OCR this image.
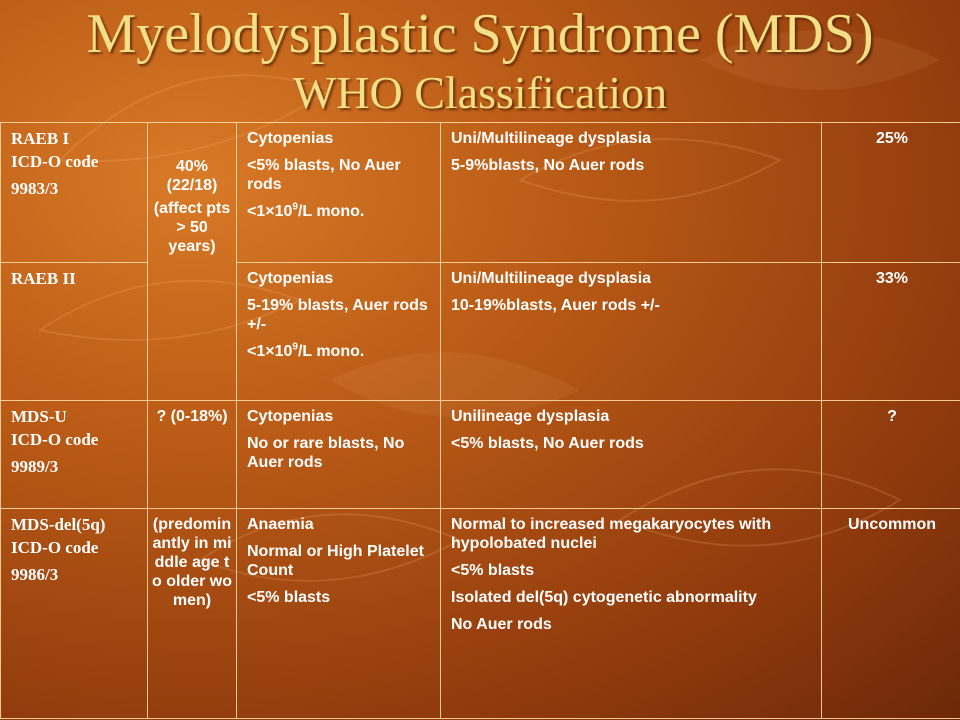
Myelodysplastic Syndrome (MDS)
WHO Classification
RAEB I
ICD-O code
9983/3	40% (22/18)
(affect pts > 50 years)	Cytopenias
<5% blasts, No Auer rods
$<1\times 10^9/L$ mono.	Uni/Multilineage dysplasia
5-9%blasts, No Auer rods	25%

RAEB II		Cytopenias
5-19% blasts, Auer rods +/-
$<1\times 10^9/L$ mono.	Uni/Multilineage dysplasia
10-19%blasts, Auer rods +/-	33%

MDS-U
ICD-O code
9989/3	? (0-18%)	Cytopenias
No or rare blasts, No Auer rods	Unilineage dysplasia
<5% blasts, No Auer rods	?

MDS-del(5q)
ICD-O code
9986/3	(predominantly in middle age to older women)	Anaemia
Normal or High Platelet Count
<5% blasts	Normal to increased megakaryocytes with hypolobated nuclei
<5% blasts
Isolated del(5q) cytogenetic abnormality
No Auer rods	Uncommon
